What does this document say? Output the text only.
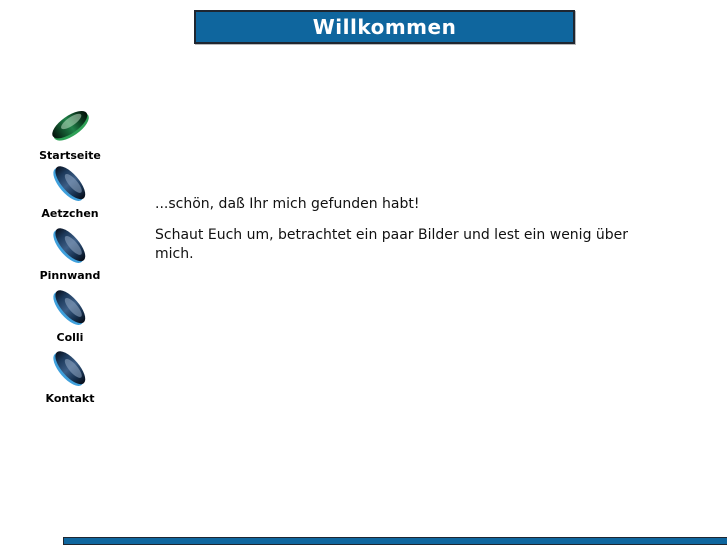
Willkommen
Startseite
Aetzchen
Pinnwand
Colli
Kontakt

...schön, daß Ihr mich gefunden habt!

Schaut Euch um, betrachtet ein paar Bilder und lest ein wenig über mich.
